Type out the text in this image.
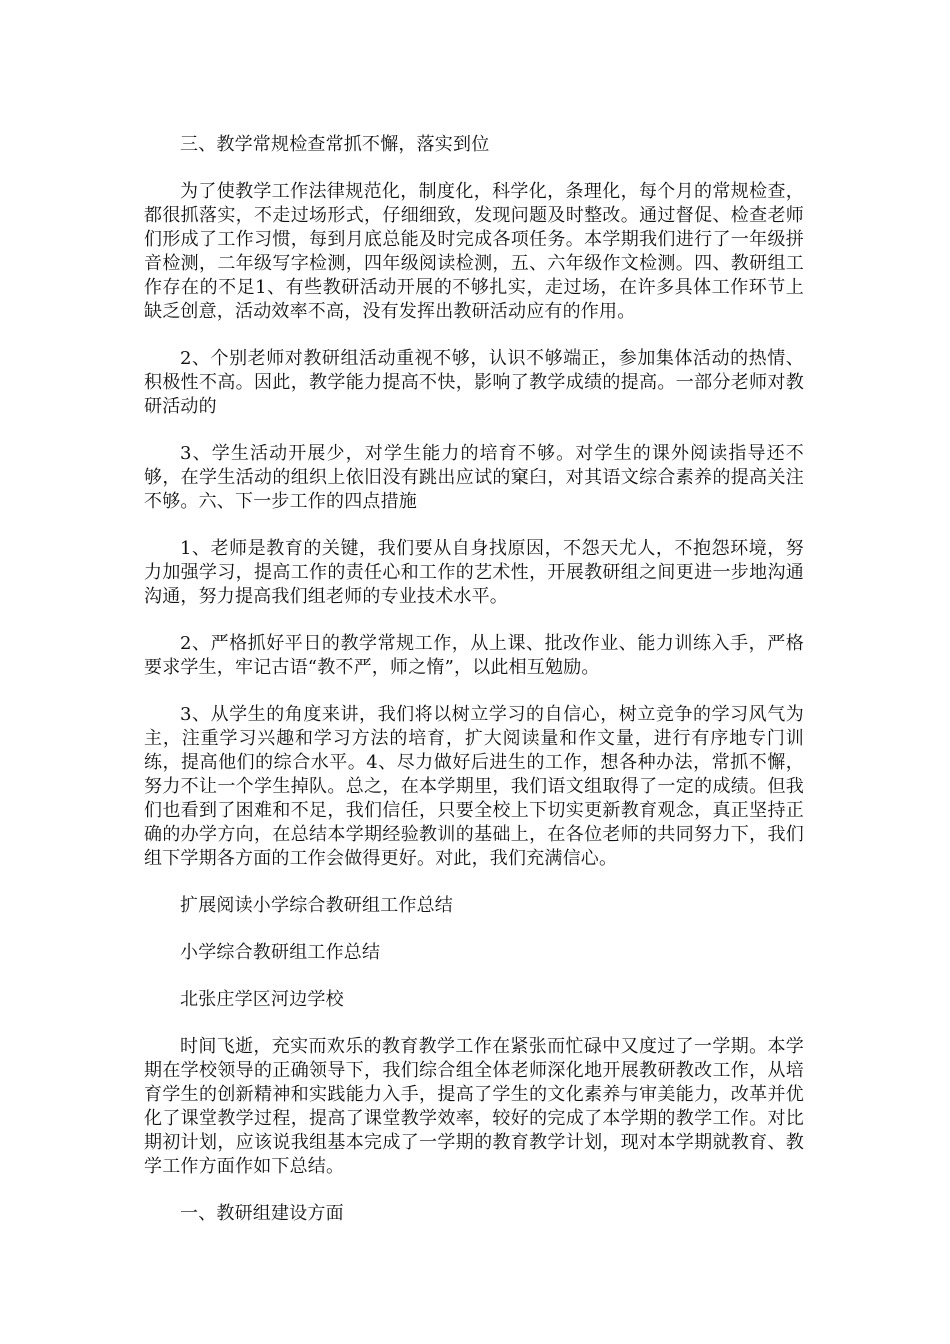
三、教学常规检查常抓不懈，落实到位

为了使教学工作法律规范化，制度化，科学化，条理化，每个月的常规检查，都很抓落实，不走过场形式，仔细细致，发现问题及时整改。通过督促、检查老师们形成了工作习惯，每到月底总能及时完成各项任务。本学期我们进行了一年级拼音检测，二年级写字检测，四年级阅读检测，五、六年级作文检测。四、教研组工作存在的不足1、有些教研活动开展的不够扎实，走过场，在许多具体工作环节上缺乏创意，活动效率不高，没有发挥出教研活动应有的作用。

2、个别老师对教研组活动重视不够，认识不够端正，参加集体活动的热情、积极性不高。因此，教学能力提高不快，影响了教学成绩的提高。一部分老师对教研活动的

3、学生活动开展少，对学生能力的培育不够。对学生的课外阅读指导还不够，在学生活动的组织上依旧没有跳出应试的窠臼，对其语文综合素养的提高关注不够。六、下一步工作的四点措施

1、老师是教育的关键，我们要从自身找原因，不怨天尤人，不抱怨环境，努力加强学习，提高工作的责任心和工作的艺术性，开展教研组之间更进一步地沟通沟通，努力提高我们组老师的专业技术水平。

2、严格抓好平日的教学常规工作，从上课、批改作业、能力训练入手，严格要求学生，牢记古语“教不严，师之惰”，以此相互勉励。

3、从学生的角度来讲，我们将以树立学习的自信心，树立竞争的学习风气为主，注重学习兴趣和学习方法的培育，扩大阅读量和作文量，进行有序地专门训练，提高他们的综合水平。4、尽力做好后进生的工作，想各种办法，常抓不懈，努力不让一个学生掉队。总之，在本学期里，我们语文组取得了一定的成绩。但我们也看到了困难和不足，我们信任，只要全校上下切实更新教育观念，真正坚持正确的办学方向，在总结本学期经验教训的基础上，在各位老师的共同努力下，我们组下学期各方面的工作会做得更好。对此，我们充满信心。

扩展阅读小学综合教研组工作总结

小学综合教研组工作总结

北张庄学区河边学校

时间飞逝，充实而欢乐的教育教学工作在紧张而忙碌中又度过了一学期。本学期在学校领导的正确领导下，我们综合组全体老师深化地开展教研教改工作，从培育学生的创新精神和实践能力入手，提高了学生的文化素养与审美能力，改革并优化了课堂教学过程，提高了课堂教学效率，较好的完成了本学期的教学工作。对比期初计划，应该说我组基本完成了一学期的教育教学计划，现对本学期就教育、教学工作方面作如下总结。

一、教研组建设方面
